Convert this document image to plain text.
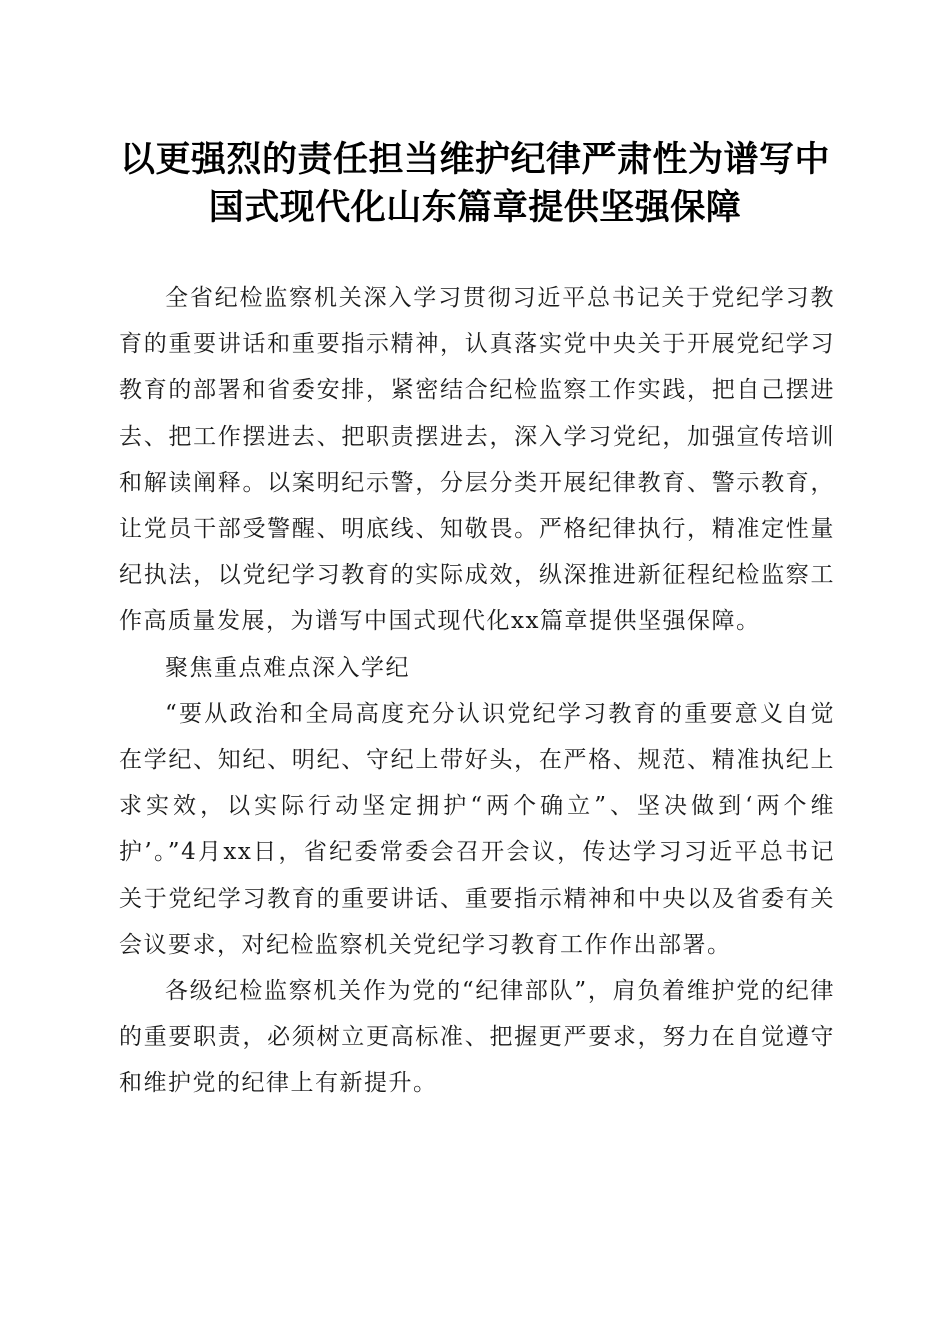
以更强烈的责任担当维护纪律严肃性为谱写中
国式现代化山东篇章提供坚强保障

全省纪检监察机关深入学习贯彻习近平总书记关于党纪学习教育的重要讲话和重要指示精神，认真落实党中央关于开展党纪学习教育的部署和省委安排，紧密结合纪检监察工作实践，把自己摆进去、把工作摆进去、把职责摆进去，深入学习党纪，加强宣传培训和解读阐释。以案明纪示警，分层分类开展纪律教育、警示教育，让党员干部受警醒、明底线、知敬畏。严格纪律执行，精准定性量纪执法，以党纪学习教育的实际成效，纵深推进新征程纪检监察工作高质量发展，为谱写中国式现代化xx篇章提供坚强保障。

聚焦重点难点深入学纪

“要从政治和全局高度充分认识党纪学习教育的重要意义自觉在学纪、知纪、明纪、守纪上带好头，在严格、规范、精准执纪上求实效，以实际行动坚定拥护“两个确立”、坚决做到‘两个维护’。”4月xx日，省纪委常委会召开会议，传达学习习近平总书记关于党纪学习教育的重要讲话、重要指示精神和中央以及省委有关会议要求，对纪检监察机关党纪学习教育工作作出部署。

各级纪检监察机关作为党的“纪律部队”，肩负着维护党的纪律的重要职责，必须树立更高标准、把握更严要求，努力在自觉遵守和维护党的纪律上有新提升。
